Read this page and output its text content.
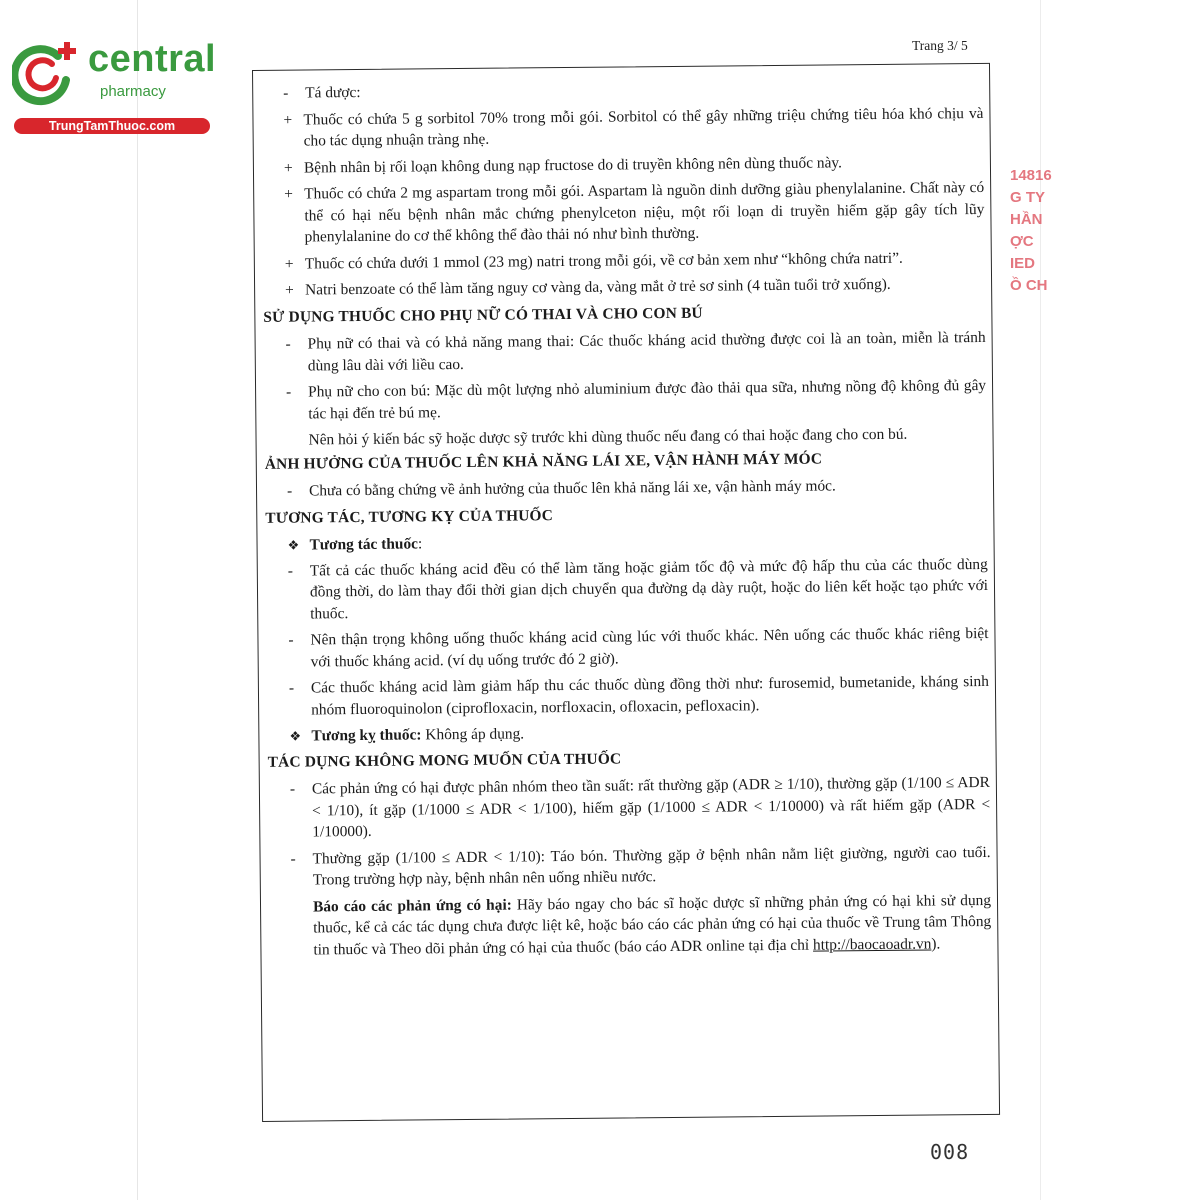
central
pharmacy
TrungTamThuoc.com
Trang 3/ 5
14816
G TY
HẦN
ỢC
IED
Ồ CH
-	Tá dược:
+ Thuốc có chứa 5 g sorbitol 70% trong mỗi gói. Sorbitol có thể gây những triệu chứng tiêu hóa khó chịu và cho tác dụng nhuận tràng nhẹ.
+ Bệnh nhân bị rối loạn không dung nạp fructose do di truyền không nên dùng thuốc này.
+ Thuốc có chứa 2 mg aspartam trong mỗi gói. Aspartam là nguồn dinh dưỡng giàu phenylalanine. Chất này có thể có hại nếu bệnh nhân mắc chứng phenylceton niệu, một rối loạn di truyền hiếm gặp gây tích lũy phenylalanine do cơ thể không thể đào thải nó như bình thường.
+ Thuốc có chứa dưới 1 mmol (23 mg) natri trong mỗi gói, về cơ bản xem như “không chứa natri”.
+ Natri benzoate có thể làm tăng nguy cơ vàng da, vàng mắt ở trẻ sơ sinh (4 tuần tuổi trở xuống).
SỬ DỤNG THUỐC CHO PHỤ NỮ CÓ THAI VÀ CHO CON BÚ
-	Phụ nữ có thai và có khả năng mang thai: Các thuốc kháng acid thường được coi là an toàn, miễn là tránh dùng lâu dài với liều cao.
-	Phụ nữ cho con bú: Mặc dù một lượng nhỏ aluminium được đào thải qua sữa, nhưng nồng độ không đủ gây tác hại đến trẻ bú mẹ.

Nên hỏi ý kiến bác sỹ hoặc dược sỹ trước khi dùng thuốc nếu đang có thai hoặc đang cho con bú.

ẢNH HƯỞNG CỦA THUỐC LÊN KHẢ NĂNG LÁI XE, VẬN HÀNH MÁY MÓC
-	Chưa có bằng chứng về ảnh hưởng của thuốc lên khả năng lái xe, vận hành máy móc.
TƯƠNG TÁC, TƯƠNG KỴ CỦA THUỐC
❖ Tương tác thuốc:
-	Tất cả các thuốc kháng acid đều có thể làm tăng hoặc giảm tốc độ và mức độ hấp thu của các thuốc dùng đồng thời, do làm thay đổi thời gian dịch chuyển qua đường dạ dày ruột, hoặc do liên kết hoặc tạo phức với thuốc.
-	Nên thận trọng không uống thuốc kháng acid cùng lúc với thuốc khác. Nên uống các thuốc khác riêng biệt với thuốc kháng acid. (ví dụ uống trước đó 2 giờ).
-	Các thuốc kháng acid làm giảm hấp thu các thuốc dùng đồng thời như: furosemid, bumetanide, kháng sinh nhóm fluoroquinolon (ciprofloxacin, norfloxacin, ofloxacin, pefloxacin).
❖ Tương kỵ thuốc: Không áp dụng.
TÁC DỤNG KHÔNG MONG MUỐN CỦA THUỐC
-	Các phản ứng có hại được phân nhóm theo tần suất: rất thường gặp (ADR ≥ 1/10), thường gặp (1/100 ≤ ADR < 1/10), ít gặp (1/1000 ≤ ADR < 1/100), hiếm gặp (1/1000 ≤ ADR < 1/10000) và rất hiếm gặp (ADR < 1/10000).
-	Thường gặp (1/100 ≤ ADR < 1/10): Táo bón. Thường gặp ở bệnh nhân nằm liệt giường, người cao tuổi. Trong trường hợp này, bệnh nhân nên uống nhiều nước.

Báo cáo các phản ứng có hại: Hãy báo ngay cho bác sĩ hoặc dược sĩ những phản ứng có hại khi sử dụng thuốc, kể cả các tác dụng chưa được liệt kê, hoặc báo cáo các phản ứng có hại của thuốc về Trung tâm Thông tin thuốc và Theo dõi phản ứng có hại của thuốc (báo cáo ADR online tại địa chỉ http://baocaoadr.vn).

008
